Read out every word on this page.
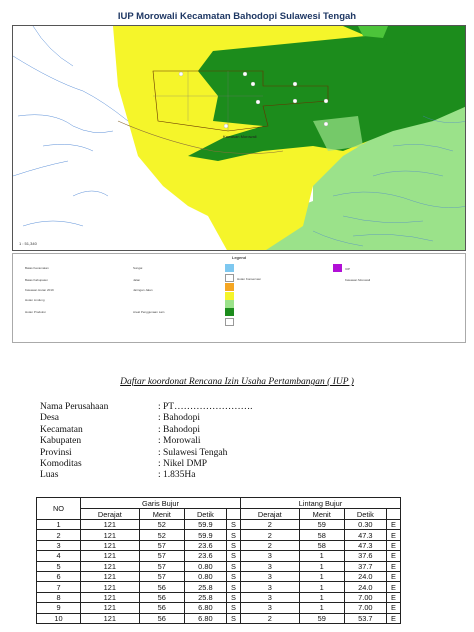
IUP Morowali Kecamatan Bahodopi Sulawesi Tengah
Kawasan Morowali
1 : 51,340
Legend
Batas Kecamatan
Batas Kabupaten
Kawasan Hutan 2019
Hutan Lindung
Hutan Produksi
Sungai
Jalan
Jaringan Jalan
Areal Penggunaan Lain
IUP
Kawasan Morowali
Hutan Konservasi
Daftar koordonat Rencana Izin Usaha Pertambangan ( IUP )
Nama Perusahaan	: PT…………………….
Desa	: Bahodopi
Kecamatan	: Bahodopi
Kabupaten	: Morowali
Provinsi	: Sulawesi Tengah
Komoditas	: Nikel DMP
Luas	: 1.835Ha
NO	Garis Bujur				Lintang Bujur			
	Derajat	Menit	Detik		Derajat	Menit	Detik	
1	121	52	59.9	S	2	59	0.30	E
2	121	52	59.9	S	2	58	47.3	E
3	121	57	23.6	S	2	58	47.3	E
4	121	57	23.6	S	3	1	37.6	E
5	121	57	0.80	S	3	1	37.7	E
6	121	57	0.80	S	3	1	24.0	E
7	121	56	25.8	S	3	1	24.0	E
8	121	56	25.8	S	3	1	7.00	E
9	121	56	6.80	S	3	1	7.00	E
10	121	56	6.80	S	2	59	53.7	E
